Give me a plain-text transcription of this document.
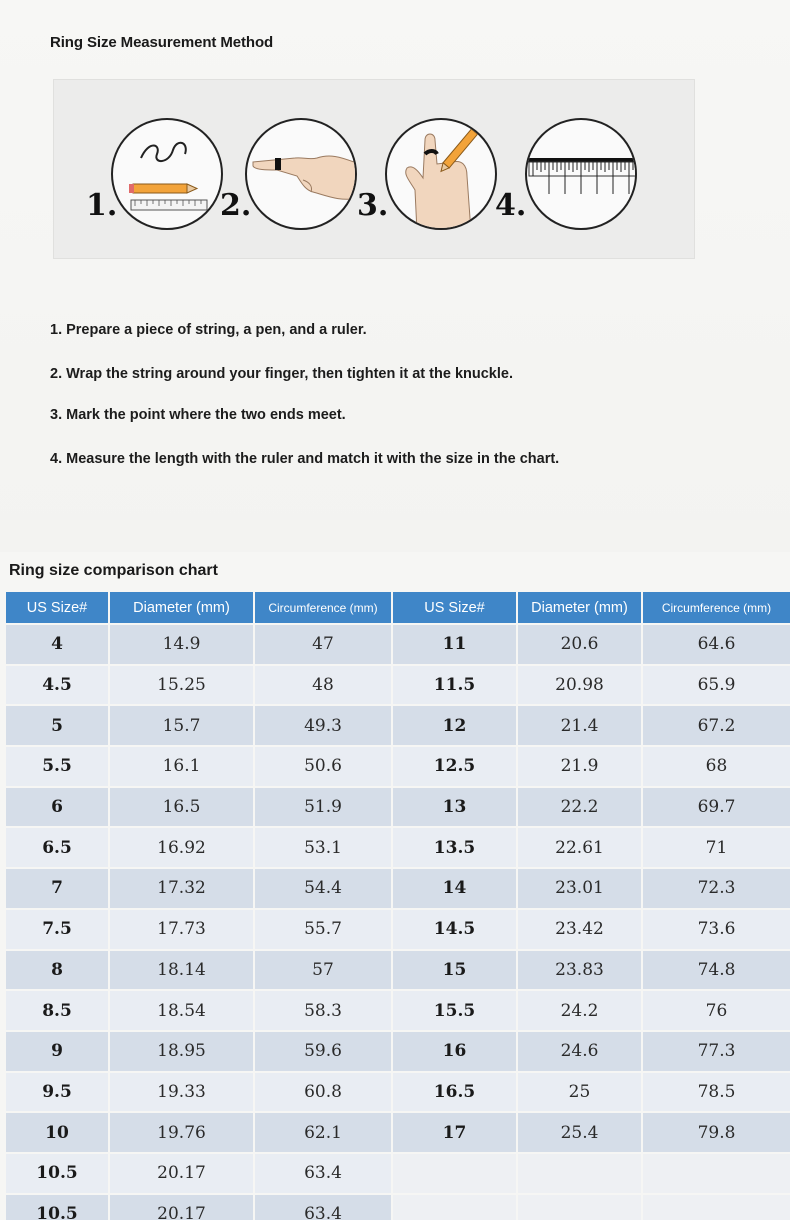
Ring Size Measurement Method
1.	2.	3.	4.
1. Prepare a piece of string, a pen, and a ruler.
2. Wrap the string around your finger, then tighten it at the knuckle.
3. Mark the point where the two ends meet.
4. Measure the length with the ruler and match it with the size in the chart.
Ring size comparison chart
US Size#	Diameter (mm)	Circumference (mm)	US Size#	Diameter (mm)	Circumference (mm)
4	14.9	47	11	20.6	64.6
4.5	15.25	48	11.5	20.98	65.9
5	15.7	49.3	12	21.4	67.2
5.5	16.1	50.6	12.5	21.9	68
6	16.5	51.9	13	22.2	69.7
6.5	16.92	53.1	13.5	22.61	71
7	17.32	54.4	14	23.01	72.3
7.5	17.73	55.7	14.5	23.42	73.6
8	18.14	57	15	23.83	74.8
8.5	18.54	58.3	15.5	24.2	76
9	18.95	59.6	16	24.6	77.3
9.5	19.33	60.8	16.5	25	78.5
10	19.76	62.1	17	25.4	79.8
10.5	20.17	63.4			
10.5	20.17	63.4			
